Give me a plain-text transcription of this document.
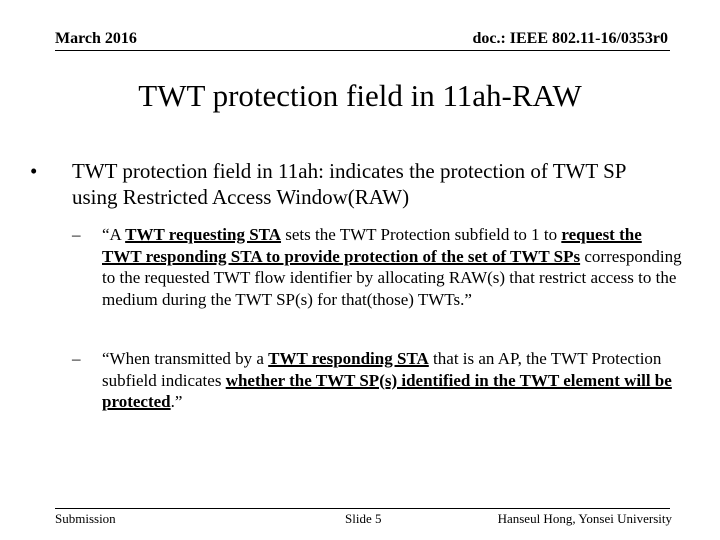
March 2016	doc.: IEEE 802.11-16/0353r0
TWT protection field in 11ah-RAW
• TWT protection field in 11ah: indicates the protection of TWT SP using Restricted Access Window(RAW)
– “A TWT requesting STA sets the TWT Protection subfield to 1 to request the TWT responding STA to provide protection of the set of TWT SPs corresponding to the requested TWT flow identifier by allocating RAW(s) that restrict access to the medium during the TWT SP(s) for that(those) TWTs.”
– “When transmitted by a TWT responding STA that is an AP, the TWT Protection subfield indicates whether the TWT SP(s) identified in the TWT element will be protected.”
Submission	Slide 5	Hanseul Hong, Yonsei University
